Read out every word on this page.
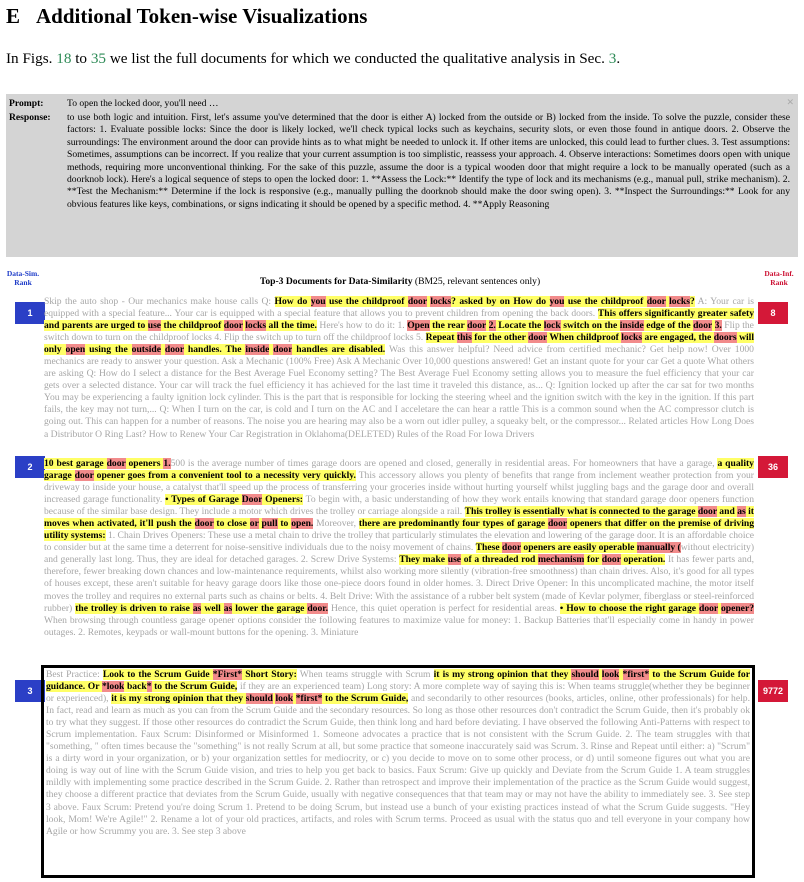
E Additional Token-wise Visualizations
In Figs. 18 to 35 we list the full documents for which we conducted the qualitative analysis in Sec. 3.
✕
Prompt: To open the locked door, you'll need …
Response: to use both logic and intuition. First, let's assume you've determined that the door is either A) locked from the outside or B) locked from the inside. To solve the puzzle, consider these factors: 1. Evaluate possible locks: Since the door is likely locked, we'll check typical locks such as keychains, security slots, or even those found in antique doors. 2. Observe the surroundings: The environment around the door can provide hints as to what might be needed to unlock it. If other items are unlocked, this could lead to further clues. 3. Test assumptions: Sometimes, assumptions can be incorrect. If you realize that your current assumption is too simplistic, reassess your approach. 4. Observe interactions: Sometimes doors open with unique methods, requiring more unconventional thinking. For the sake of this puzzle, assume the door is a typical wooden door that might require a lock to be manually operated (such as a doorknob lock). Here's a logical sequence of steps to open the locked door: 1. **Assess the Lock:** Identify the type of lock and its mechanisms (e.g., manual pull, strike mechanism). 2. **Test the Mechanism:** Determine if the lock is responsive (e.g., manually pulling the doorknob should make the door swing open). 3. **Inspect the Surroundings:** Look for any obvious features like keys, combinations, or signs indicating it should be opened by a specific method. 4. **Apply Reasoning
Data-Sim. Rank
Data-Inf. Rank
Top-3 Documents for Data-Similarity (BM25, relevant sentences only)
1	8
Skip the auto shop - Our mechanics make house calls Q: How do you use the childproof door locks? asked by on How do you use the childproof door locks? A: Your car is equipped with a special feature... Your car is equipped with a special feature that allows you to prevent children from opening the back doors. This offers significantly greater safety and parents are urged to use the childproof door locks all the time. Here's how to do it: 1. Open the rear door 2. Locate the lock switch on the inside edge of the door 3. Flip the switch down to turn on the childproof locks 4. Flip the switch up to turn off the childproof locks 5. Repeat this for the other door When childproof locks are engaged, the doors will only open using the outside door handles. The inside door handles are disabled. Was this answer helpful? Need advice from certified mechanic? Get help now! Over 1000 mechanics are ready to answer your question. Ask a Mechanic (100% Free) Ask A Mechanic Over 10,000 questions answered! Get an instant quote for your car Get a quote What others are asking Q: How do I select a distance for the Best Average Fuel Economy setting? The Best Average Fuel Economy setting allows you to measure the fuel efficiency that your car gets over a selected distance. Your car will track the fuel efficiency it has achieved for the last time it traveled this distance, as... Q: Ignition locked up after the car sat for two months You may be experiencing a faulty ignition lock cylinder. This is the part that is responsible for locking the steering wheel and the ignition switch with the key in the ignition. If this part fails, the key may not turn,... Q: When I turn on the car, is cold and I turn on the AC and I acceletare the can hear a rattle This is a common sound when the AC compressor clutch is going out. This can happen for a number of reasons. The noise you are hearing may also be a worn out idler pulley, a squeaky belt, or the compressor... Related articles How Long Does a Distributor O Ring Last? How to Renew Your Car Registration in Oklahoma(DELETED) Rules of the Road For Iowa Drivers
2	36
10 best garage door openers 1.500 is the average number of times garage doors are opened and closed, generally in residential areas. For homeowners that have a garage, a quality garage door opener goes from a convenient tool to a necessity very quickly. This accessory allows you plenty of benefits that range from inclement weather protection from your driveway to inside your house, a catalyst that'll speed up the process of transferring your groceries inside without hurting yourself whilst juggling bags and the garage door and overall increased garage functionality. • Types of Garage Door Openers: To begin with, a basic understanding of how they work entails knowing that standard garage door openers function because of the similar base design. They include a motor which drives the trolley or carriage alongside a rail. This trolley is essentially what is connected to the garage door and as it moves when activated, it'll push the door to close or pull to open. Moreover, there are predominantly four types of garage door openers that differ on the premise of driving utility systems: 1. Chain Drives Openers: These use a metal chain to drive the trolley that particularly stimulates the elevation and lowering of the garage door. It is an affordable choice to consider but at the same time a deterrent for noise-sensitive individuals due to the noisy movement of chains. These door openers are easily operable manually (without electricity) and generally last long. Thus, they are ideal for detached garages. 2. Screw Drive Systems: They make use of a threaded rod mechanism for door operation. It has fewer parts and, therefore, fewer breaking down chances and low-maintenance requirements, whilst also working more silently (vibration-free smoothness) than chain drives. Also, it's good for all types of houses except, these aren't suitable for heavy garage doors like those one-piece doors found in older homes. 3. Direct Drive Opener: In this uncomplicated machine, the motor itself moves the trolley and requires no external parts such as chains or belts. 4. Belt Drive: With the assistance of a rubber belt system (made of Kevlar polymer, fiberglass or steel-reinforced rubber) the trolley is driven to raise as well as lower the garage door. Hence, this quiet operation is perfect for residential areas. • How to choose the right garage door opener? When browsing through countless garage opener options consider the following features to maximize value for money: 1. Backup Batteries that'll especially come in handy in power outages. 2. Remotes, keypads or wall-mount buttons for the opening. 3. Miniature
3	9772
Best Practice: Look to the Scrum Guide *First* Short Story: When teams struggle with Scrum it is my strong opinion that they should look *first* to the Scrum Guide for guidance. Or *look back* to the Scrum Guide, if they are an experienced team) Long story: A more complete way of saying this is: When teams struggle(whether they be beginner or experienced), it is my strong opinion that they should look *first* to the Scrum Guide, and secondarily to other resources (books, articles, online, other professionals) for help. In fact, read and learn as much as you can from the Scrum Guide and the secondary resources. So long as those other resources don't contradict the Scrum Guide, then it's probably ok to try what they suggest. If those other resources do contradict the Scrum Guide, then think long and hard before deviating. I have observed the following Anti-Patterns with respect to Scrum implementation. Faux Scrum: Disinformed or Misinformed 1. Someone advocates a practice that is not consistent with the Scrum Guide. 2. The team struggles with that "something, " often times because the "something" is not really Scrum at all, but some practice that someone inaccurately said was Scrum. 3. Rinse and Repeat until either: a) "Scrum" is a dirty word in your organization, or b) your organization settles for mediocrity, or c) you decide to move on to some other process, or d) until someone figures out what you are doing is way out of line with the Scrum Guide vision, and tries to help you get back to basics. Faux Scrum: Give up quickly and Deviate from the Scrum Guide 1. A team struggles mildly with implementing some practice described in the Scrum Guide. 2. Rather than retrospect and improve their implementation of the practice as the Scrum Guide would suggest, they choose a different practice that deviates from the Scrum Guide, usually with negative consequences that that team may or may not have the ability to immediately see. 3. See step 3 above. Faux Scrum: Pretend you're doing Scrum 1. Pretend to be doing Scrum, but instead use a bunch of your existing practices instead of what the Scrum Guide suggests. "Hey look, Mom! We're Agile!" 2. Rename a lot of your old practices, artifacts, and roles with Scrum terms. Proceed as usual with the status quo and tell everyone in your company how Agile or how Scrummy you are. 3. See step 3 above
